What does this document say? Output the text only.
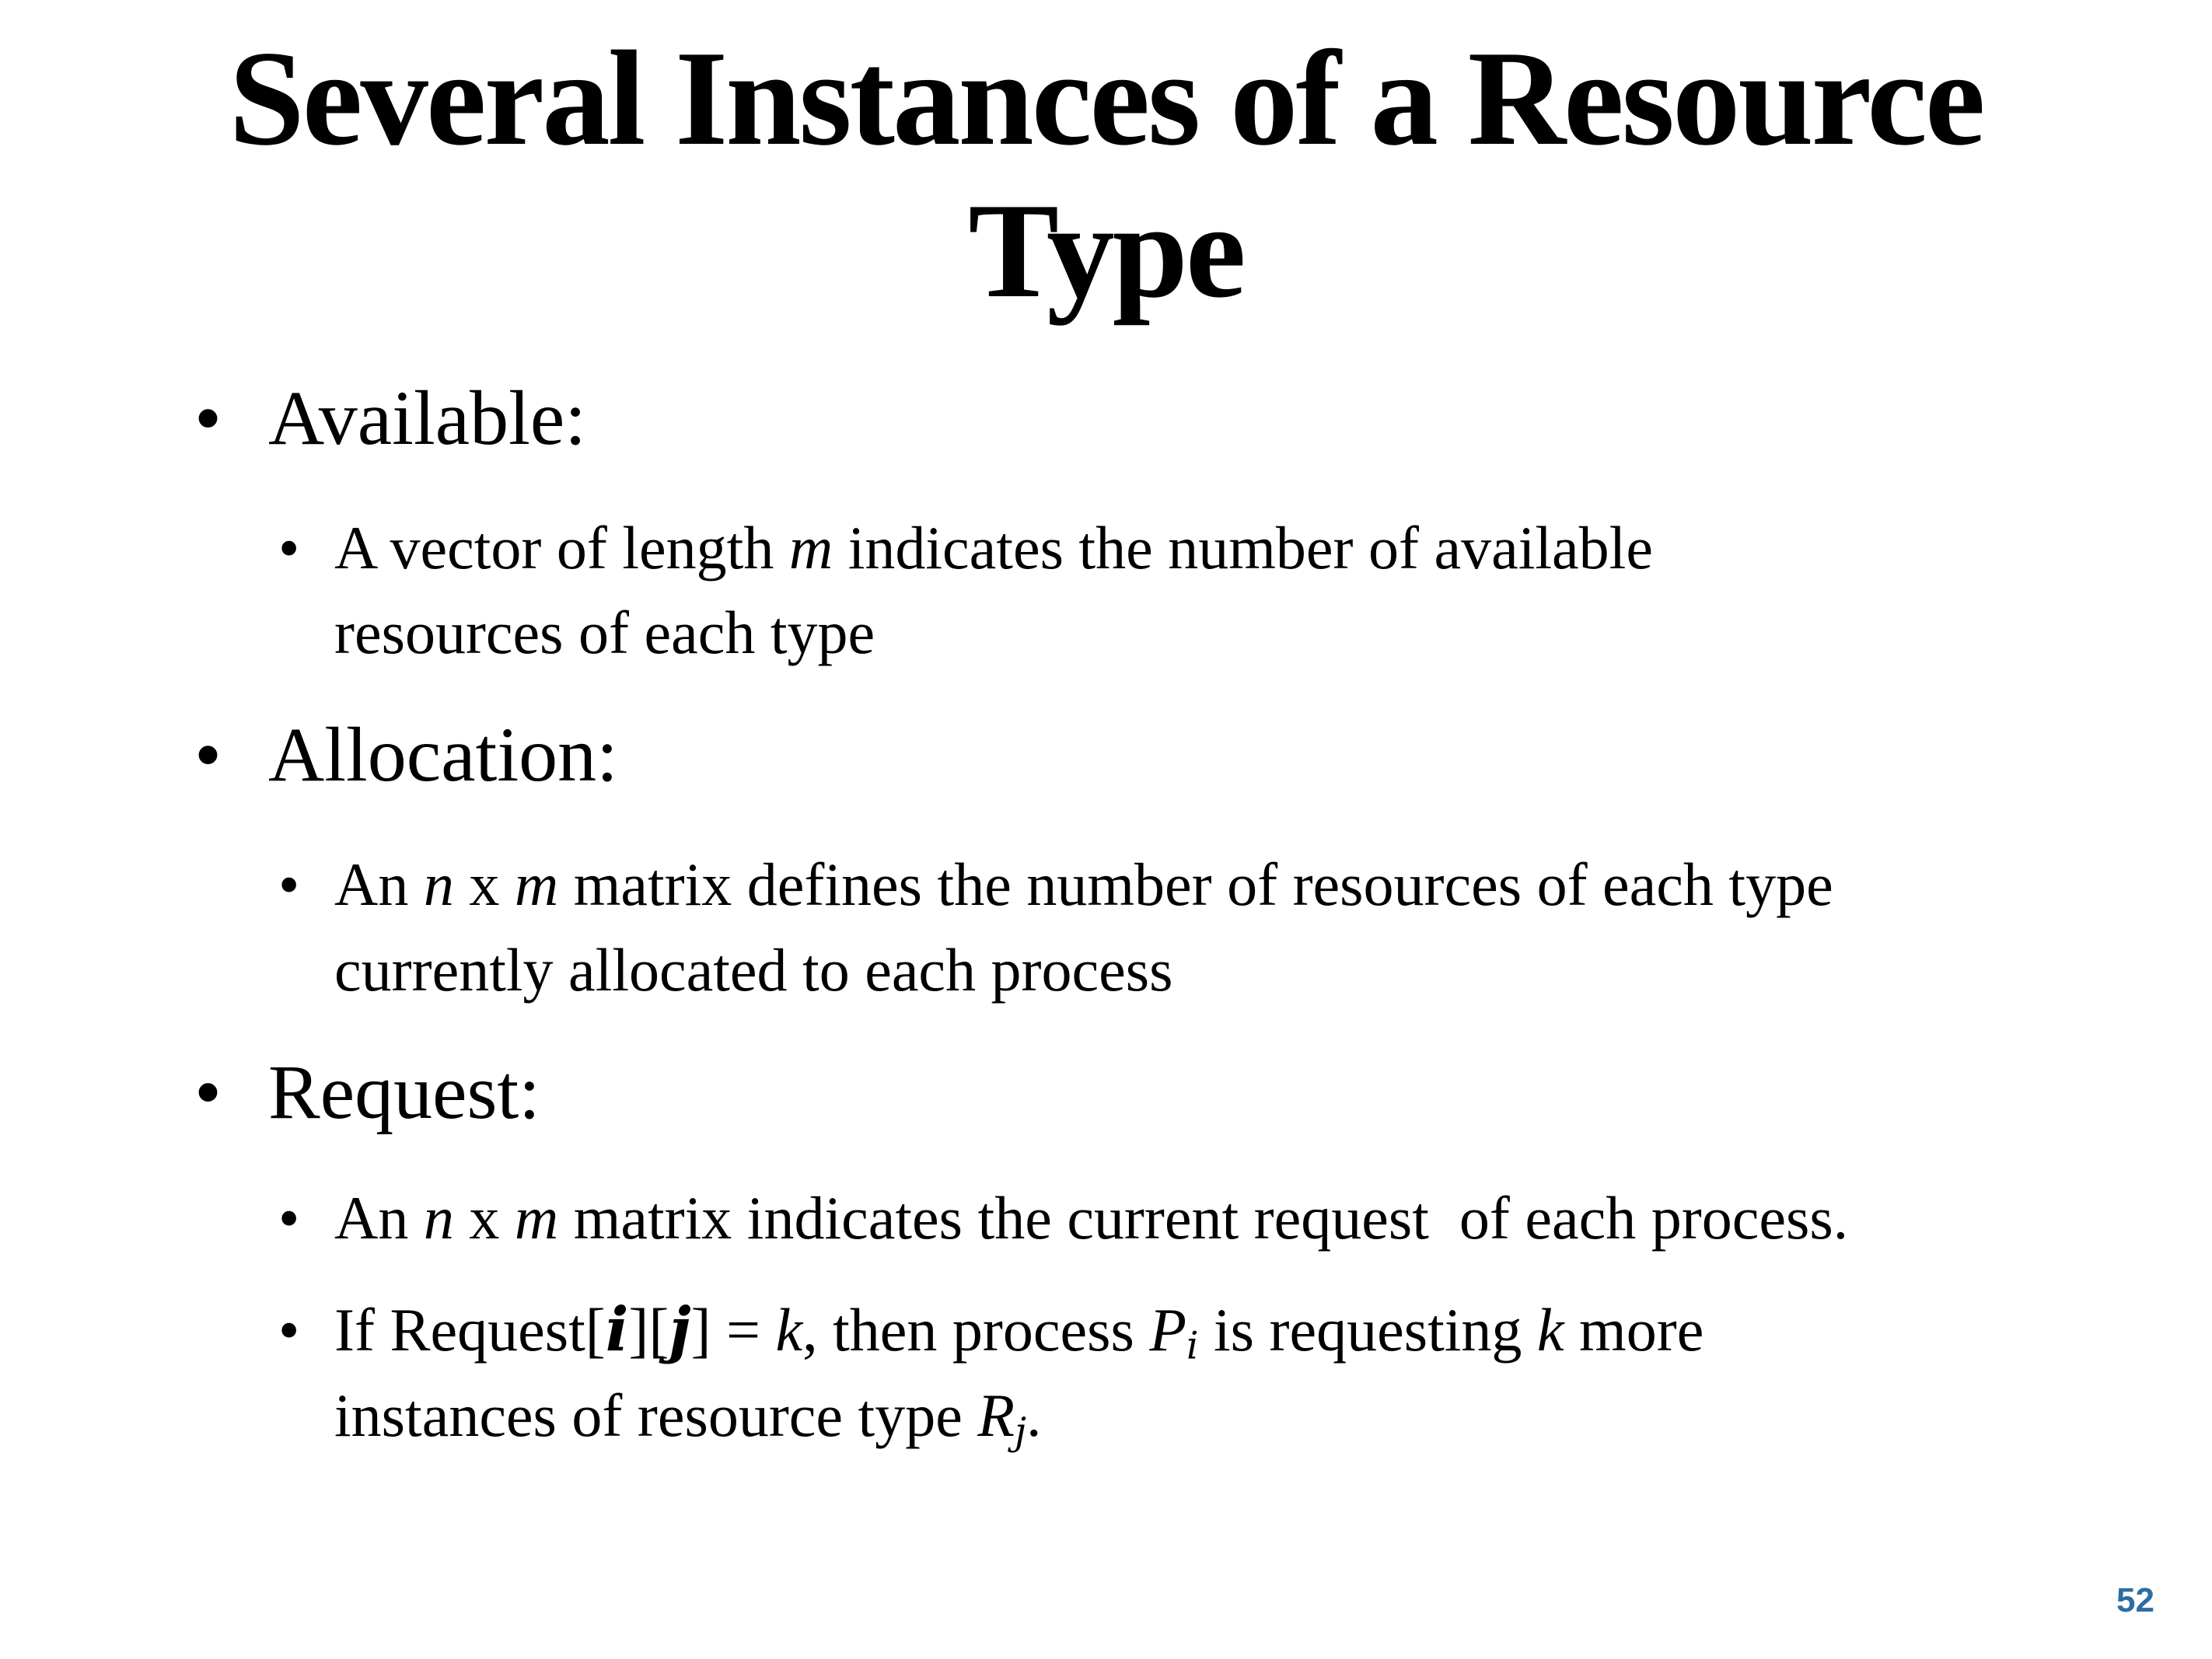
Several Instances of a Resource
Type
• Available:
• A vector of length m indicates the number of available
resources of each type
• Allocation:
• An n x m matrix defines the number of resources of each type
currently allocated to each process
• Request:
• An n x m matrix indicates the current request  of each process.
• If Request[i][j] = k, then process Pi is requesting k more
instances of resource type Rj.
52
